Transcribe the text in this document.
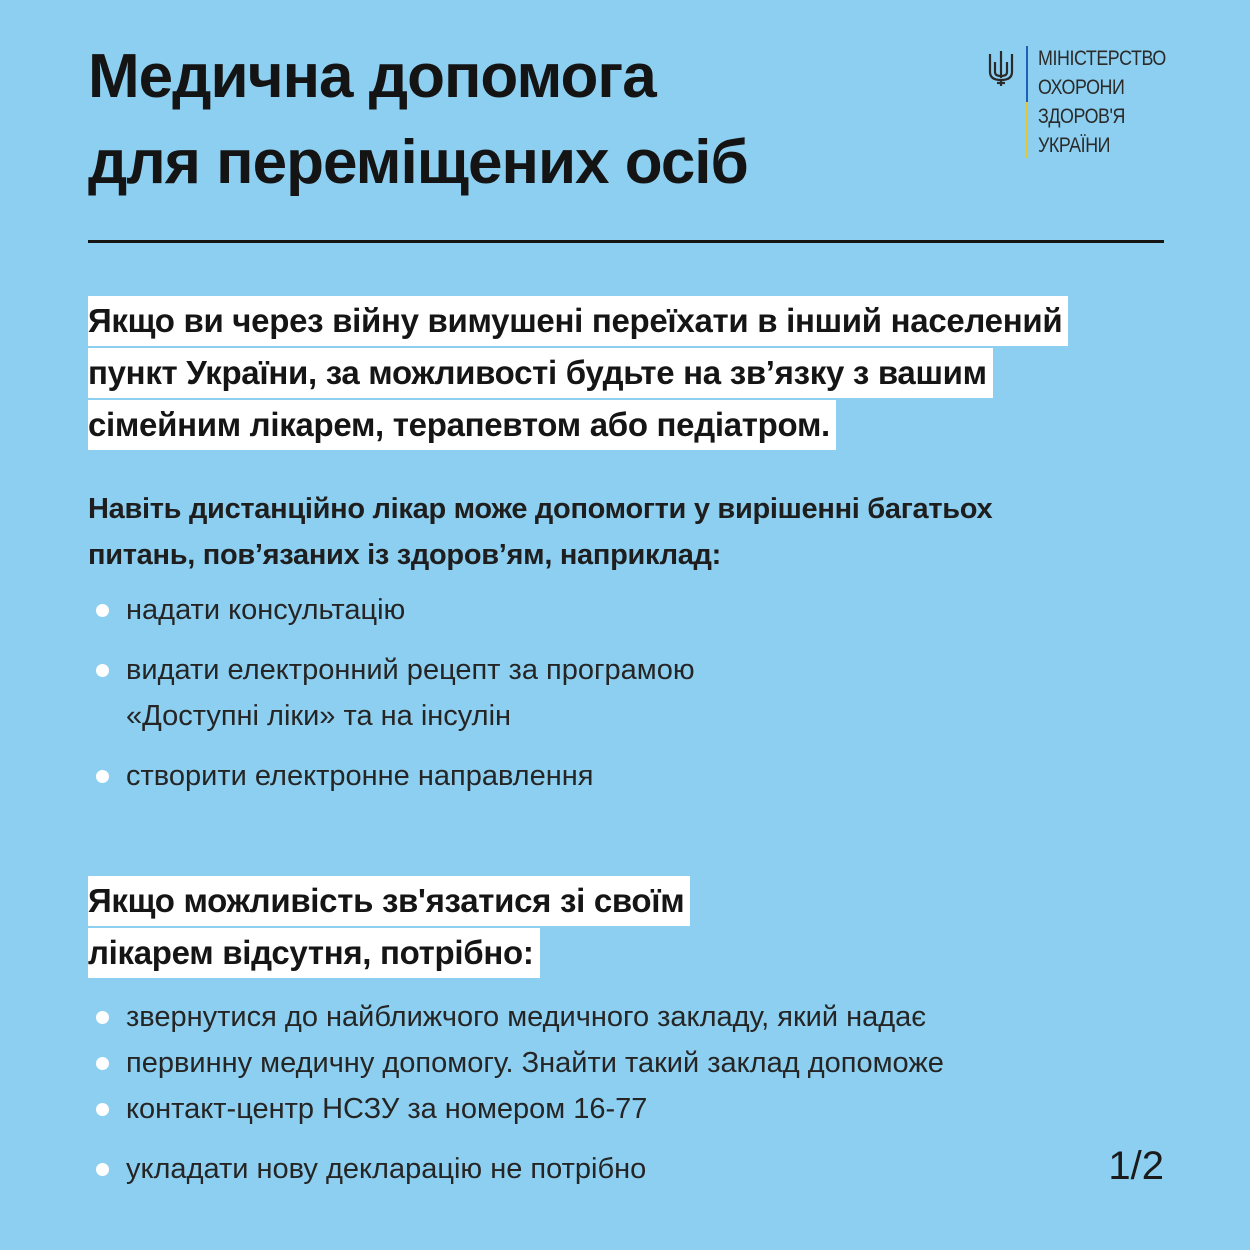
Медична допомога
для переміщених осіб
МІНІСТЕРСТВО
ОХОРОНИ
ЗДОРОВ'Я
УКРАЇНИ
Якщо ви через війну вимушені переїхати в інший населений
пункт України, за можливості будьте на зв’язку з вашим
сімейним лікарем, терапевтом або педіатром.
Навіть дистанційно лікар може допомогти у вирішенні багатьох
питань, пов’язаних із здоров’ям, наприклад:
надати консультацію
видати електронний рецепт за програмою
«Доступні ліки» та на інсулін
створити електронне направлення
Якщо можливість зв'язатися зі своїм
лікарем відсутня, потрібно:
звернутися до найближчого медичного закладу, який надає
первинну медичну допомогу. Знайти такий заклад допоможе
контакт-центр НСЗУ за номером 16-77
укладати нову декларацію не потрібно	1/2
